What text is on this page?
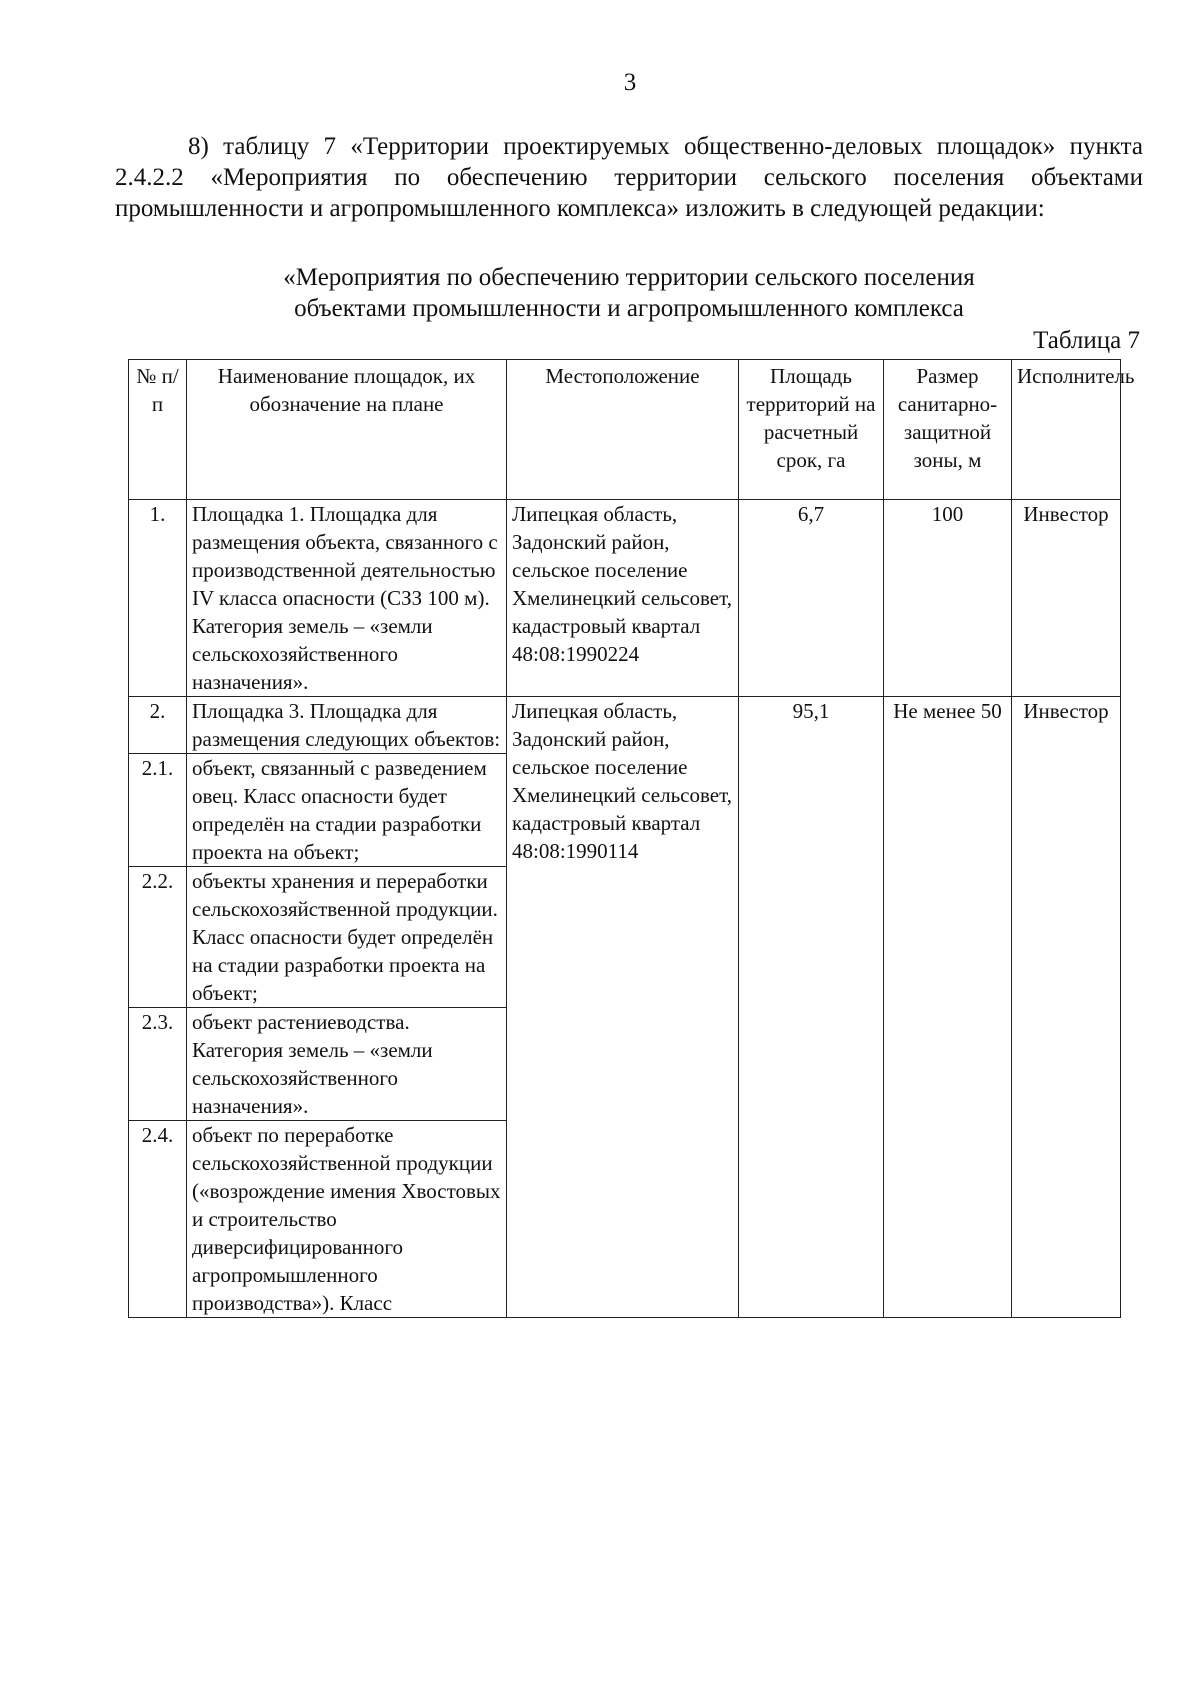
3

8) таблицу 7 «Территории проектируемых общественно-деловых площадок» пункта 2.4.2.2 «Мероприятия по обеспечению территории сельского поселения объектами промышленности и агропромышленного комплекса» изложить в следующей редакции:

«Мероприятия по обеспечению территории сельского поселения
объектами промышленности и агропромышленного комплекса
Таблица 7
№ п/п	Наименование площадок, их обозначение на плане	Местоположение	Площадь территорий на расчетный срок, га	Размер санитарно-защитной зоны, м	Исполнитель
1.	Площадка 1. Площадка для размещения объекта, связанного с производственной деятельностью IV класса опасности (СЗЗ 100 м). Категория земель – «земли сельскохозяйственного назначения».	Липецкая область, Задонский район, сельское поселение Хмелинецкий сельсовет, кадастровый квартал 48:08:1990224	6,7	100	Инвестор
2.	Площадка 3. Площадка для размещения следующих объектов:	Липецкая область, Задонский район, сельское поселение Хмелинецкий сельсовет, кадастровый квартал 48:08:1990114	95,1	Не менее 50	Инвестор
2.1.	объект, связанный с разведением овец. Класс опасности будет определён на стадии разработки проекта на объект;				
2.2.	объекты хранения и переработки сельскохозяйственной продукции. Класс опасности будет определён на стадии разработки проекта на объект;				
2.3.	объект растениеводства. Категория земель – «земли сельскохозяйственного назначения».				
2.4.	объект по переработке сельскохозяйственной продукции («возрождение имения Хвостовых и строительство диверсифицированного агропромышленного производства»). Класс				
